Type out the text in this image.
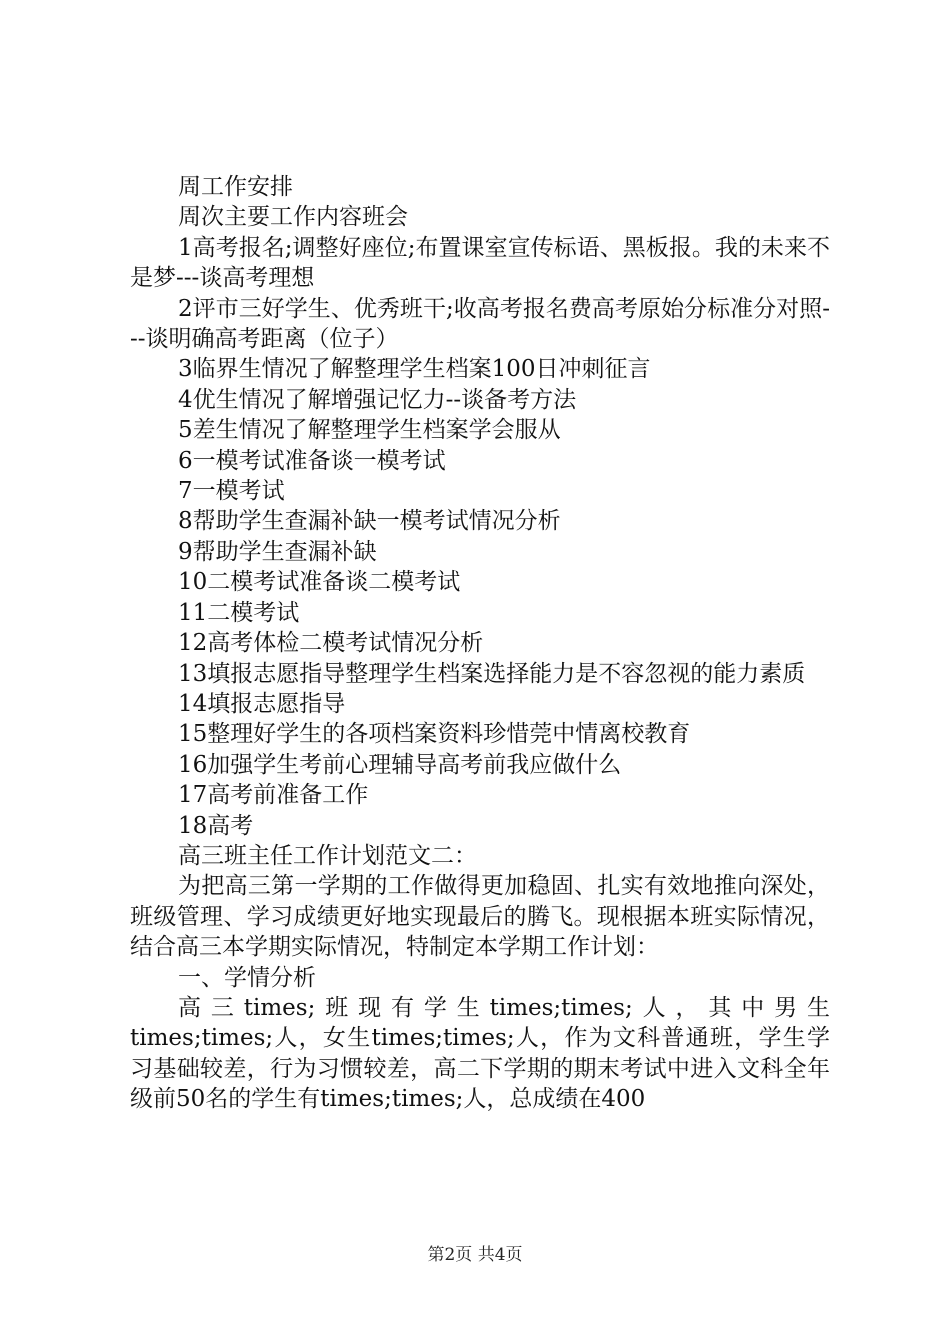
周工作安排

周次主要工作内容班会

1高考报名;调整好座位;布置课室宣传标语、黑板报。我的未来不是梦---谈高考理想

2评市三好学生、优秀班干;收高考报名费高考原始分标准分对照---谈明确高考距离（位子）

3临界生情况了解整理学生档案100日冲刺征言

4优生情况了解增强记忆力--谈备考方法

5差生情况了解整理学生档案学会服从

6一模考试准备谈一模考试

7一模考试

8帮助学生查漏补缺一模考试情况分析

9帮助学生查漏补缺

10二模考试准备谈二模考试

11二模考试

12高考体检二模考试情况分析

13填报志愿指导整理学生档案选择能力是不容忽视的能力素质

14填报志愿指导

15整理好学生的各项档案资料珍惜莞中情离校教育

16加强学生考前心理辅导高考前我应做什么

17高考前准备工作

18高考

高三班主任工作计划范文二：

为把高三第一学期的工作做得更加稳固、扎实有效地推向深处，班级管理、学习成绩更好地实现最后的腾飞。现根据本班实际情况，结合高三本学期实际情况，特制定本学期工作计划：

一、学情分析

高三times;班现有学生times;times;人，其中男生times;times;人，女生times;times;人，作为文科普通班，学生学习基础较差，行为习惯较差，高二下学期的期末考试中进入文科全年级前50名的学生有times;times;人，总成绩在400

第2页 共4页
